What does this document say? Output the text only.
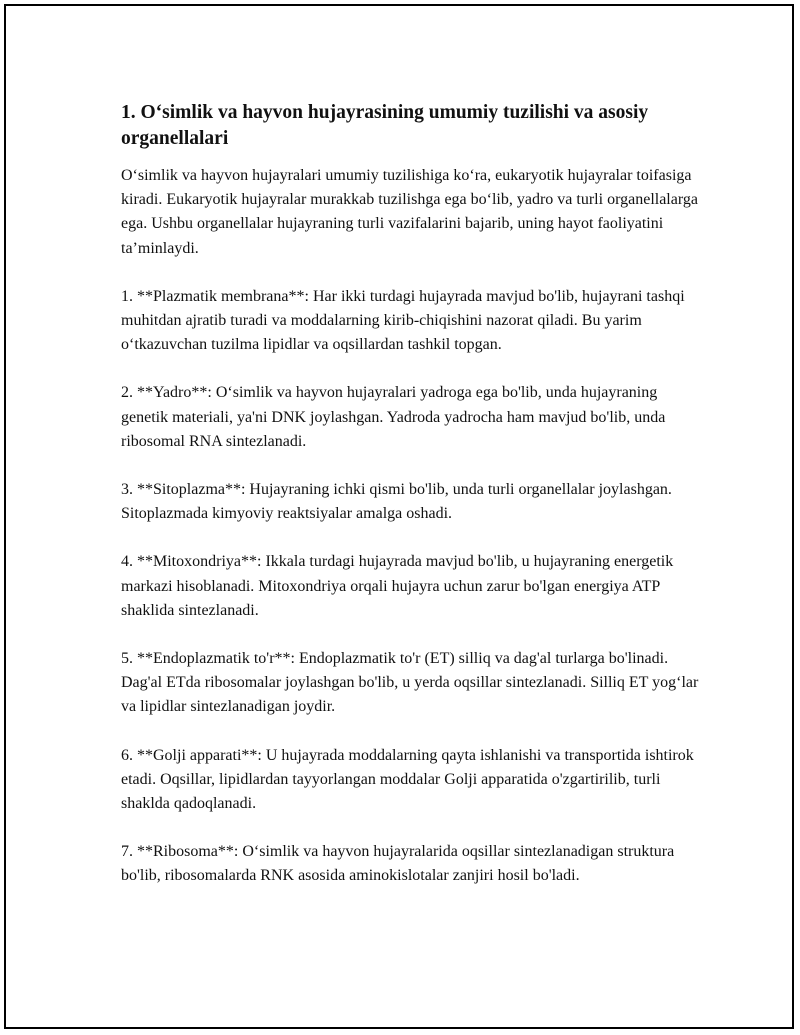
1. O‘simlik va hayvon hujayrasining umumiy tuzilishi va asosiy organellalari

O‘simlik va hayvon hujayralari umumiy tuzilishiga ko‘ra, eukaryotik hujayralar toifasiga kiradi. Eukaryotik hujayralar murakkab tuzilishga ega bo‘lib, yadro va turli organellalarga ega. Ushbu organellalar hujayraning turli vazifalarini bajarib, uning hayot faoliyatini ta’minlaydi.

1. **Plazmatik membrana**: Har ikki turdagi hujayrada mavjud bo'lib, hujayrani tashqi muhitdan ajratib turadi va moddalarning kirib-chiqishini nazorat qiladi. Bu yarim o‘tkazuvchan tuzilma lipidlar va oqsillardan tashkil topgan.

2. **Yadro**: O‘simlik va hayvon hujayralari yadroga ega bo'lib, unda hujayraning genetik materiali, ya'ni DNK joylashgan. Yadroda yadrocha ham mavjud bo'lib, unda ribosomal RNA sintezlanadi.

3. **Sitoplazma**: Hujayraning ichki qismi bo'lib, unda turli organellalar joylashgan. Sitoplazmada kimyoviy reaktsiyalar amalga oshadi.

4. **Mitoxondriya**: Ikkala turdagi hujayrada mavjud bo'lib, u hujayraning energetik markazi hisoblanadi. Mitoxondriya orqali hujayra uchun zarur bo'lgan energiya ATP shaklida sintezlanadi.

5. **Endoplazmatik to'r**: Endoplazmatik to'r (ET) silliq va dag'al turlarga bo'linadi. Dag'al ETda ribosomalar joylashgan bo'lib, u yerda oqsillar sintezlanadi. Silliq ET yog‘lar va lipidlar sintezlanadigan joydir.

6. **Golji apparati**: U hujayrada moddalarning qayta ishlanishi va transportida ishtirok etadi. Oqsillar, lipidlardan tayyorlangan moddalar Golji apparatida o'zgartirilib, turli shaklda qadoqlanadi.

7. **Ribosoma**: O‘simlik va hayvon hujayralarida oqsillar sintezlanadigan struktura bo'lib, ribosomalarda RNK asosida aminokislotalar zanjiri hosil bo'ladi.
